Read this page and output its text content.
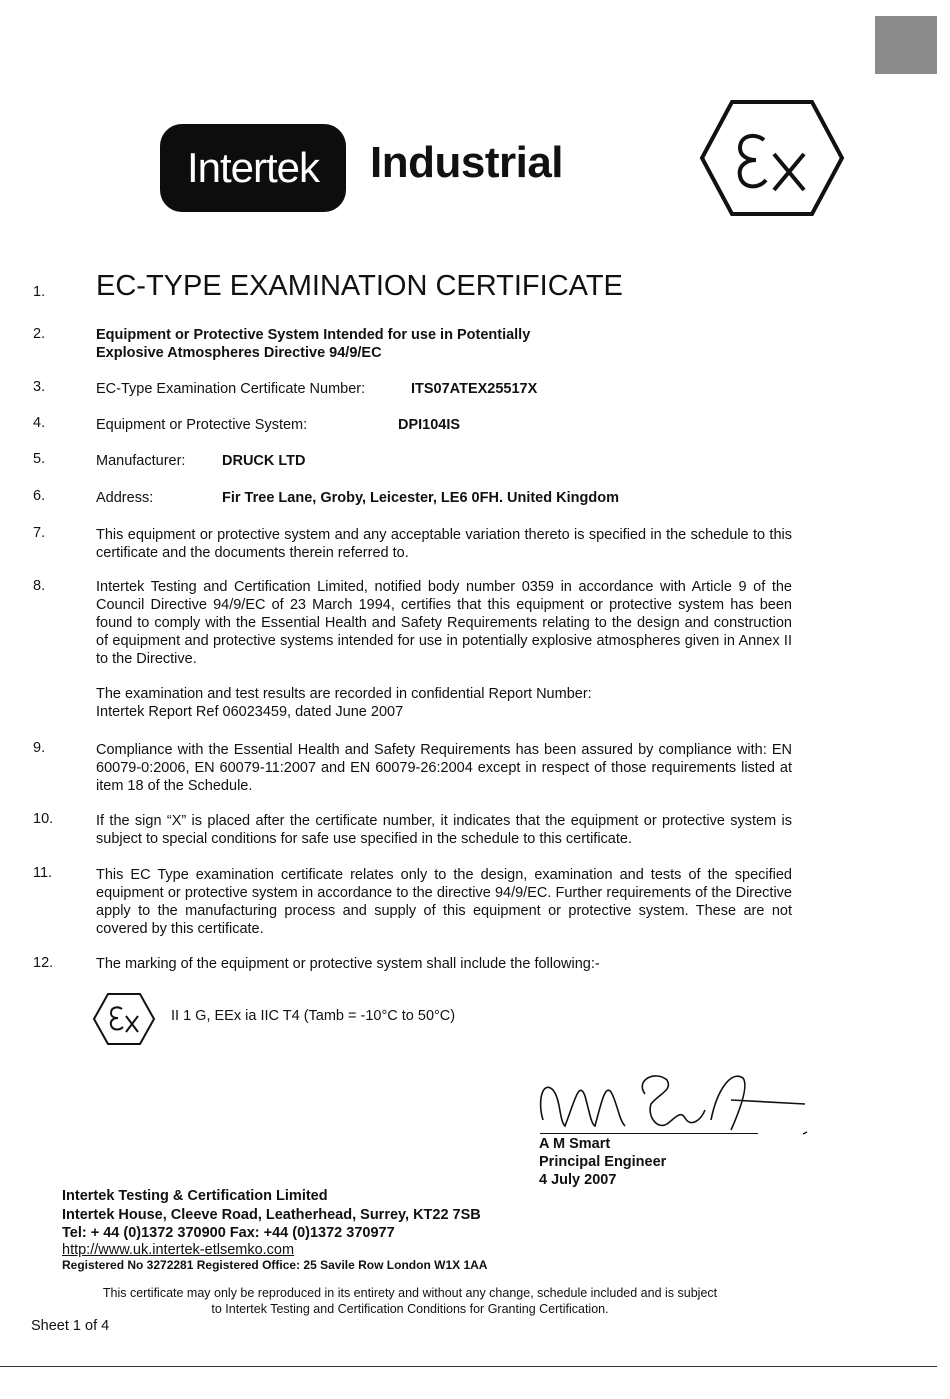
Intertek Industrial
1. EC-TYPE EXAMINATION CERTIFICATE
2.	Equipment or Protective System Intended for use in Potentially
Explosive Atmospheres Directive 94/9/EC
3.	EC-Type Examination Certificate Number:	ITS07ATEX25517X
4.	Equipment or Protective System:	DPI104IS
5.	Manufacturer:	DRUCK LTD
6.	Address:	Fir Tree Lane, Groby, Leicester, LE6 0FH. United Kingdom
7.	This equipment or protective system and any acceptable variation thereto is specified in the schedule to this certificate and the documents therein referred to.
8.	Intertek Testing and Certification Limited, notified body number 0359 in accordance with Article 9 of the Council Directive 94/9/EC of 23 March 1994, certifies that this equipment or protective system has been found to comply with the Essential Health and Safety Requirements relating to the design and construction of equipment and protective systems intended for use in potentially explosive atmospheres given in Annex II to the Directive.
The examination and test results are recorded in confidential Report Number:
Intertek Report Ref 06023459, dated June 2007
9.	Compliance with the Essential Health and Safety Requirements has been assured by compliance with: EN 60079-0:2006, EN 60079-11:2007 and EN 60079-26:2004 except in respect of those requirements listed at item 18 of the Schedule.
10.	If the sign “X” is placed after the certificate number, it indicates that the equipment or protective system is subject to special conditions for safe use specified in the schedule to this certificate.
11.	This EC Type examination certificate relates only to the design, examination and tests of the specified equipment or protective system in accordance to the directive 94/9/EC. Further requirements of the Directive apply to the manufacturing process and supply of this equipment or protective system. These are not covered by this certificate.
12.	The marking of the equipment or protective system shall include the following:-
II 1 G, EEx ia IIC T4 (Tamb = -10°C to 50°C)
A M Smart
Principal Engineer
4 July 2007
Intertek Testing & Certification Limited
Intertek House, Cleeve Road, Leatherhead, Surrey, KT22 7SB
Tel: + 44 (0)1372 370900 Fax: +44 (0)1372 370977
http://www.uk.intertek-etlsemko.com
Registered No 3272281 Registered Office: 25 Savile Row London W1X 1AA
This certificate may only be reproduced in its entirety and without any change, schedule included and is subject
to Intertek Testing and Certification Conditions for Granting Certification.
Sheet 1 of 4
